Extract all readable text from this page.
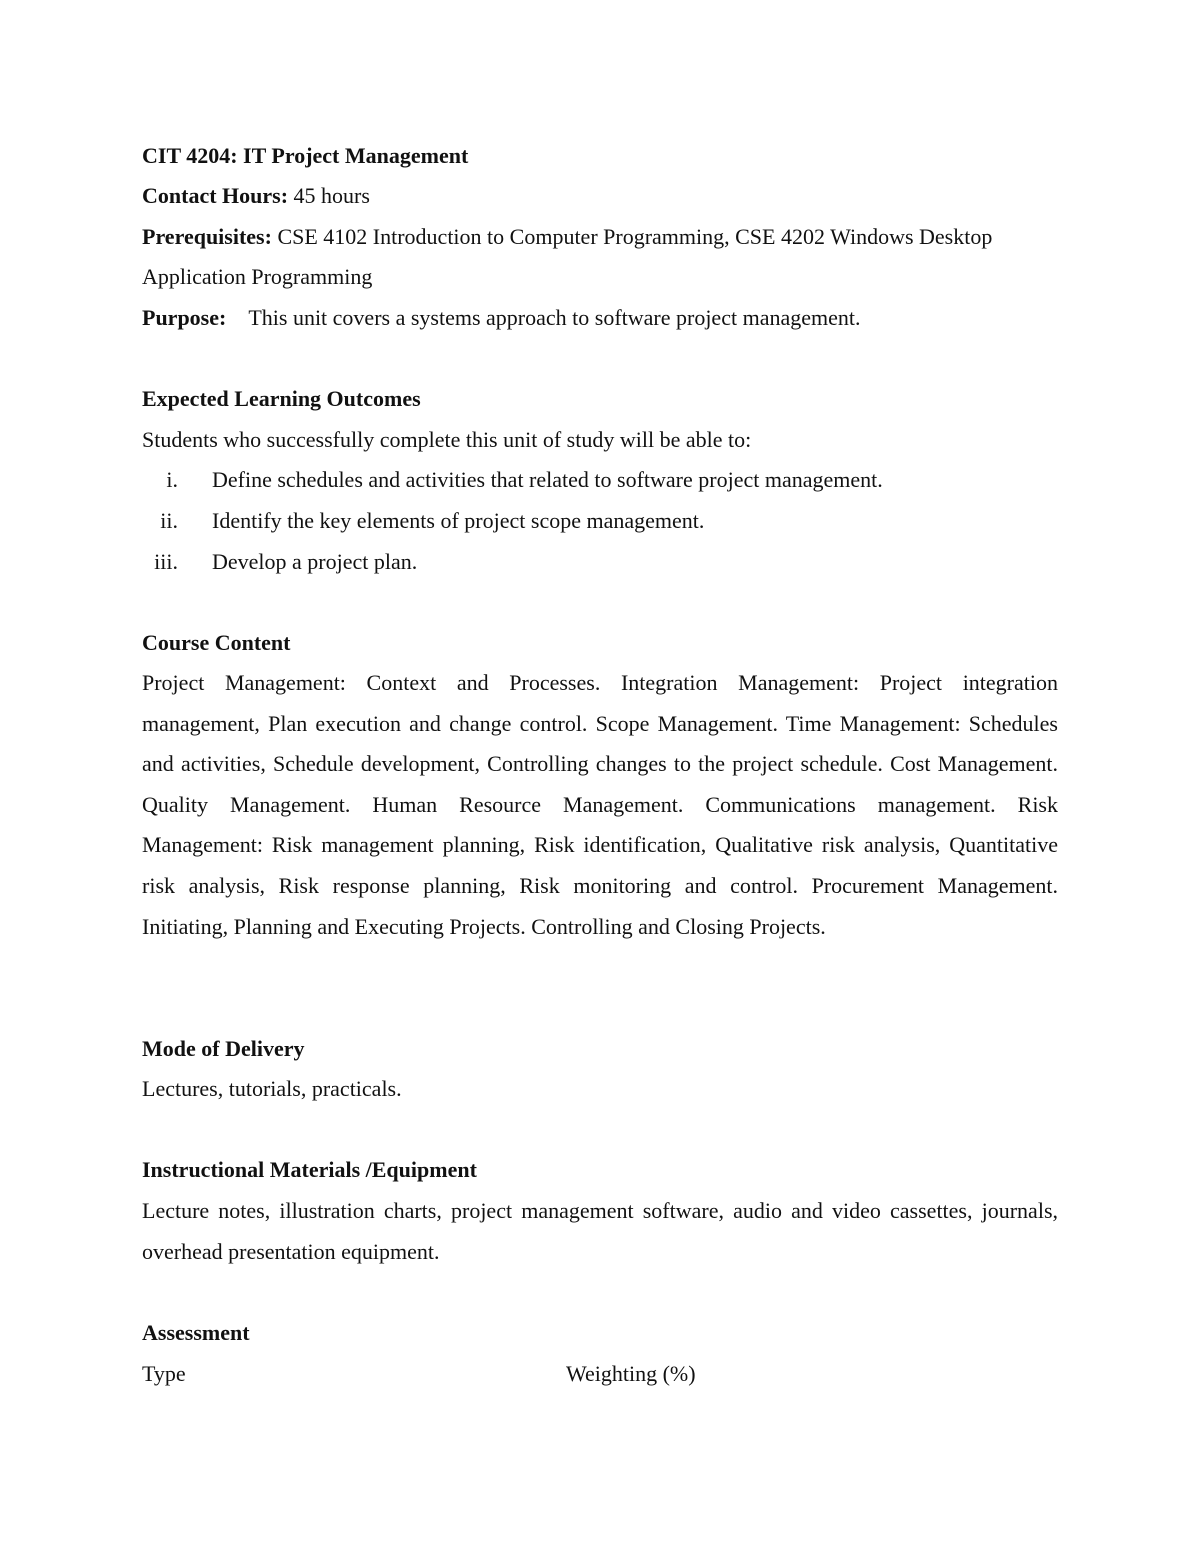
CIT 4204: IT Project Management
Contact Hours: 45 hours
Prerequisites: CSE 4102 Introduction to Computer Programming, CSE 4202 Windows Desktop
Application Programming
Purpose: This unit covers a systems approach to software project management.
Expected Learning Outcomes
Students who successfully complete this unit of study will be able to:
i. Define schedules and activities that related to software project management.
ii. Identify the key elements of project scope management.
iii. Develop a project plan.
Course Content
Project Management: Context and Processes. Integration Management: Project integration management, Plan execution and change control. Scope Management. Time Management: Schedules and activities, Schedule development, Controlling changes to the project schedule. Cost Management. Quality Management. Human Resource Management. Communications management. Risk Management: Risk management planning, Risk identification, Qualitative risk analysis, Quantitative risk analysis, Risk response planning, Risk monitoring and control. Procurement Management. Initiating, Planning and Executing Projects. Controlling and Closing Projects.
Mode of Delivery
Lectures, tutorials, practicals.
Instructional Materials /Equipment
Lecture notes, illustration charts, project management software, audio and video cassettes, journals, overhead presentation equipment.
Assessment
Type	Weighting (%)
